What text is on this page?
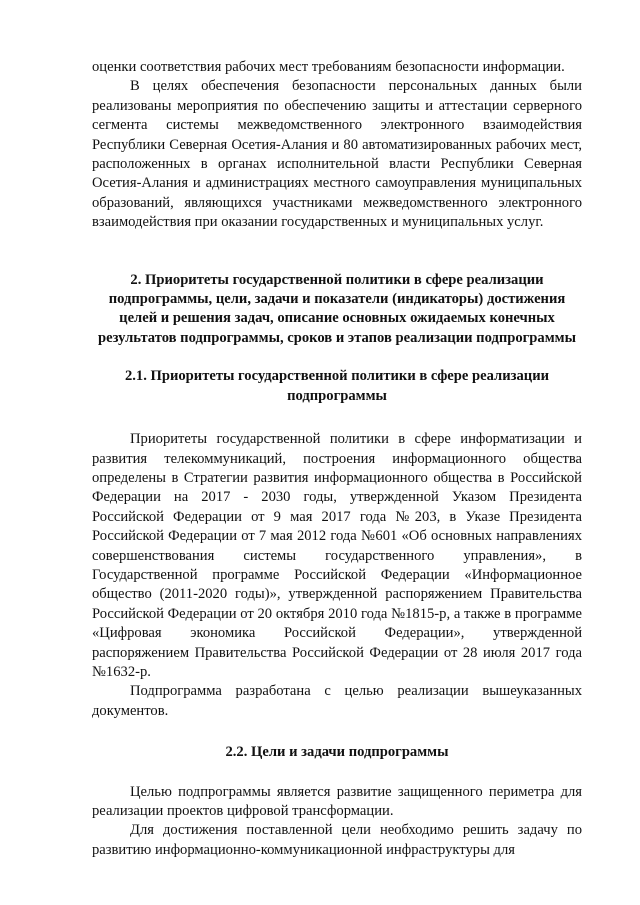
оценки соответствия рабочих мест требованиям безопасности информации.

В целях обеспечения безопасности персональных данных были реализованы мероприятия по обеспечению защиты и аттестации серверного сегмента системы межведомственного электронного взаимодействия Республики Северная Осетия-Алания и 80 автоматизированных рабочих мест, расположенных в органах исполнительной власти Республики Северная Осетия-Алания и администрациях местного самоуправления муниципальных образований, являющихся участниками межведомственного электронного взаимодействия при оказании государственных и муниципальных услуг.

2. Приоритеты государственной политики в сфере реализации подпрограммы, цели, задачи и показатели (индикаторы) достижения целей и решения задач, описание основных ожидаемых конечных результатов подпрограммы, сроков и этапов реализации подпрограммы
2.1. Приоритеты государственной политики в сфере реализации подпрограммы

Приоритеты государственной политики в сфере информатизации и развития телекоммуникаций, построения информационного общества определены в Стратегии развития информационного общества в Российской Федерации на 2017 - 2030 годы, утвержденной Указом Президента Российской Федерации от 9 мая 2017 года №203, в Указе Президента Российской Федерации от 7 мая 2012 года №601 «Об основных направлениях совершенствования системы государственного управления», в Государственной программе Российской Федерации «Информационное общество (2011-2020 годы)», утвержденной распоряжением Правительства Российской Федерации от 20 октября 2010 года №1815-р, а также в программе «Цифровая экономика Российской Федерации», утвержденной распоряжением Правительства Российской Федерации от 28 июля 2017 года №1632-р.

Подпрограмма разработана с целью реализации вышеуказанных документов.

2.2. Цели и задачи подпрограммы

Целью подпрограммы является развитие защищенного периметра для реализации проектов цифровой трансформации.

Для достижения поставленной цели необходимо решить задачу по развитию информационно-коммуникационной инфраструктуры для
